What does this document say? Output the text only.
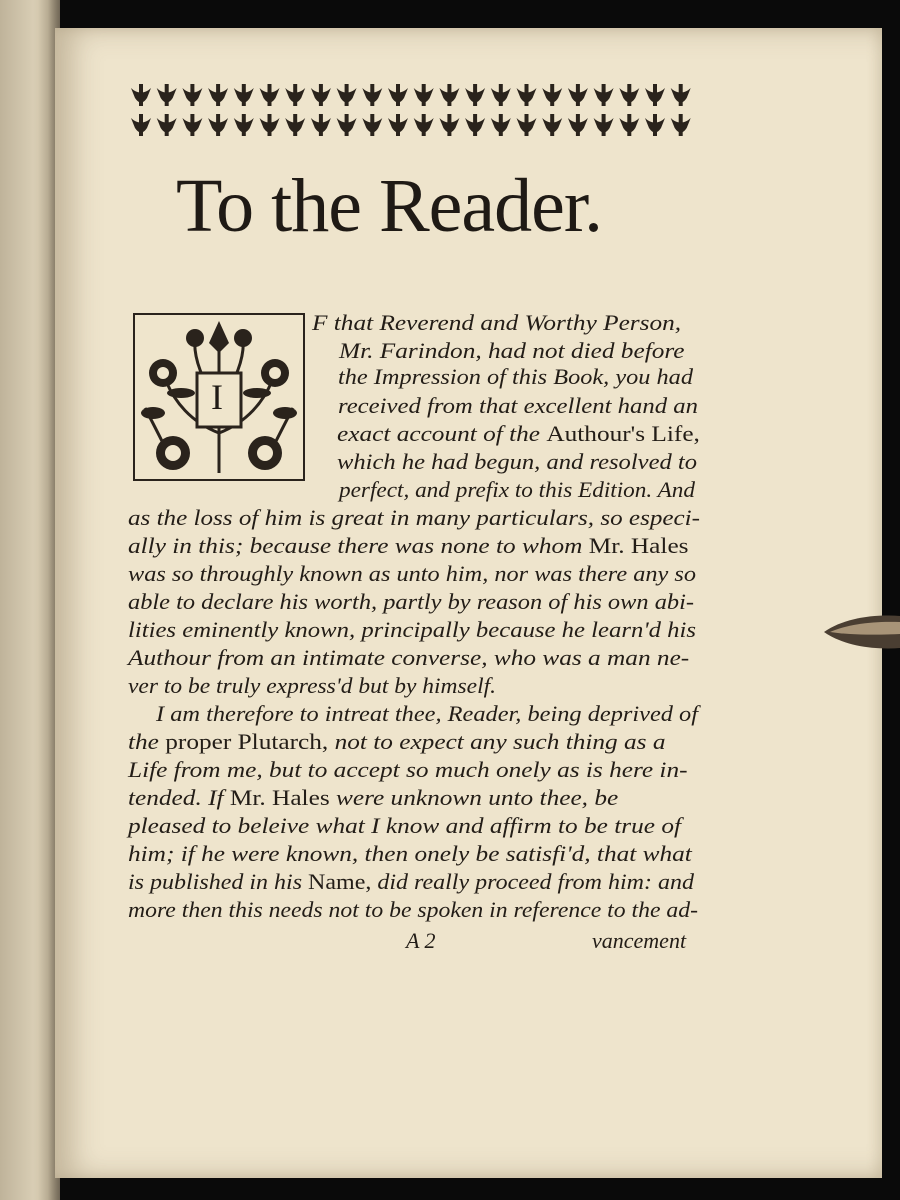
To the Reader.
I
F that Reverend and Worthy Person,
Mr. Farindon, had not died before
the Impression of this Book, you had
received from that excellent hand an
exact account of the Authour's Life,
which he had begun, and resolved to
perfect, and prefix to this Edition. And
as the loss of him is great in many particulars, so especi-
ally in this; because there was none to whom Mr. Hales
was so throughly known as unto him, nor was there any so
able to declare his worth, partly by reason of his own abi-
lities eminently known, principally because he learn'd his
Authour from an intimate converse, who was a man ne-
ver to be truly express'd but by himself.
I am therefore to intreat thee, Reader, being deprived of
the proper Plutarch, not to expect any such thing as a
Life from me, but to accept so much onely as is here in-
tended. If Mr. Hales were unknown unto thee, be
pleased to beleive what I know and affirm to be true of
him; if he were known, then onely be satisfi'd, that what
is published in his Name, did really proceed from him: and
more then this needs not to be spoken in reference to the ad-
A 2	vancement
